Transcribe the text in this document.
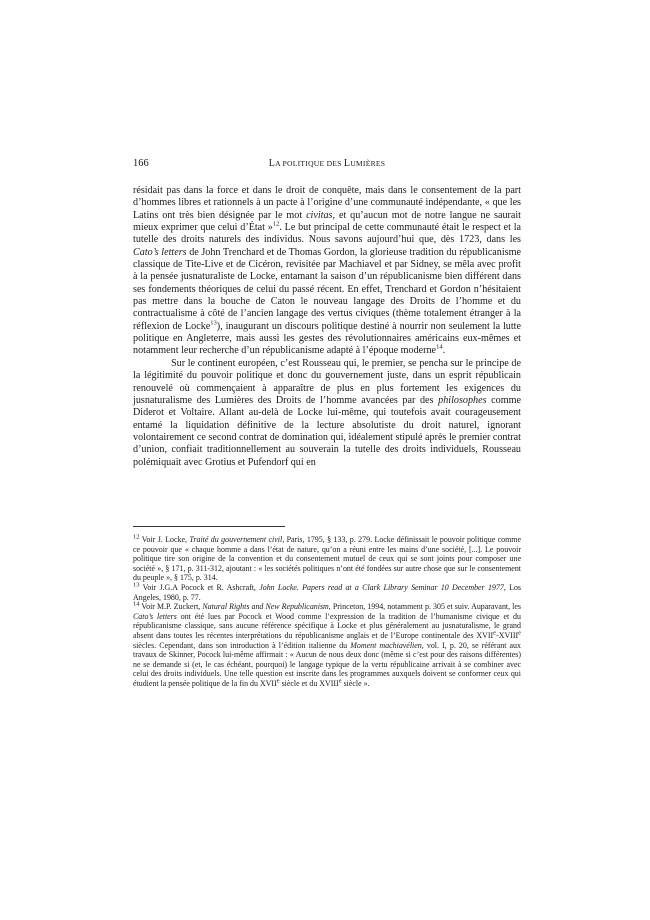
166	LA POLITIQUE DES LUMIÈRES

résidait pas dans la force et dans le droit de conquête, mais dans le consentement de la part d’hommes libres et rationnels à un pacte à l’origine d’une communauté indépendante, « que les Latins ont très bien désignée par le mot civitas, et qu’aucun mot de notre langue ne saurait mieux exprimer que celui d’État »$^{12}$. Le but principal de cette communauté était le respect et la tutelle des droits naturels des individus. Nous savons aujourd’hui que, dès 1723, dans les Cato’s letters de John Trenchard et de Thomas Gordon, la glorieuse tradition du républicanisme classique de Tite-Live et de Cicéron, revisitée par Machiavel et par Sidney, se mêla avec profit à la pensée jusnaturaliste de Locke, entamant la saison d’un républicanisme bien différent dans ses fondements théoriques de celui du passé récent. En effet, Trenchard et Gordon n’hésitaient pas mettre dans la bouche de Caton le nouveau langage des Droits de l’homme et du contractualisme à côté de l’ancien langage des vertus civiques (thème totalement étranger à la réflexion de Locke$^{13}$), inaugurant un discours politique destiné à nourrir non seulement la lutte politique en Angleterre, mais aussi les gestes des révolutionnaires américains eux-mêmes et notamment leur recherche d’un républicanisme adapté à l’époque moderne$^{14}$.

Sur le continent européen, c’est Rousseau qui, le premier, se pencha sur le principe de la légitimité du pouvoir politique et donc du gouvernement juste, dans un esprit républicain renouvelé où commençaient à apparaître de plus en plus fortement les exigences du jusnaturalisme des Lumières des Droits de l’homme avancées par des philosophes comme Diderot et Voltaire. Allant au-delà de Locke lui-même, qui toutefois avait courageusement entamé la liquidation définitive de la lecture absolutiste du droit naturel, ignorant volontairement ce second contrat de domination qui, idéalement stipulé après le premier contrat d’union, confiait traditionnellement au souverain la tutelle des droits individuels, Rousseau polémiquait avec Grotius et Pufendorf qui en

$^{12}$ Voir J. Locke, Traité du gouvernement civil, Paris, 1795, § 133, p. 279. Locke définissait le pouvoir politique comme ce pouvoir que « chaque homme a dans l’état de nature, qu’on a réuni entre les mains d’une société, [...]. Le pouvoir politique tire son origine de la convention et du consentement mutuel de ceux qui se sont joints pour composer une société », § 171, p. 311-312, ajoutant : « les sociétés politiques n’ont été fondées sur autre chose que sur le consentement du peuple », § 175, p. 314.

$^{13}$ Voir J.G.A Pocock et R. Ashcraft, John Locke. Papers read at a Clark Library Seminar 10 December 1977, Los Angeles, 1980, p. 77.

$^{14}$ Voir M.P. Zuckert, Natural Rights and New Republicanism, Princeton, 1994, notamment p. 305 et suiv. Auparavant, les Cato’s letters ont été lues par Pocock et Wood comme l’expression de la tradition de l’humanisme civique et du républicanisme classique, sans aucune référence spécifique à Locke et plus généralement au jusnaturalisme, le grand absent dans toutes les récentes interprétations du républicanisme anglais et de l’Europe continentale des XVIIe-XVIIIe siècles. Cependant, dans son introduction à l’édition italienne du Moment machiavélien, vol. I, p. 20, se référant aux travaux de Skinner, Pocock lui-même affirmait : « Aucun de nous deux donc (même si c’est pour des raisons différentes) ne se demande si (et, le cas échéant, pourquoi) le langage typique de la vertu républicaine arrivait à se combiner avec celui des droits individuels. Une telle question est inscrite dans les programmes auxquels doivent se conformer ceux qui étudient la pensée politique de la fin du XVIIe siècle et du XVIIIe siècle ».
